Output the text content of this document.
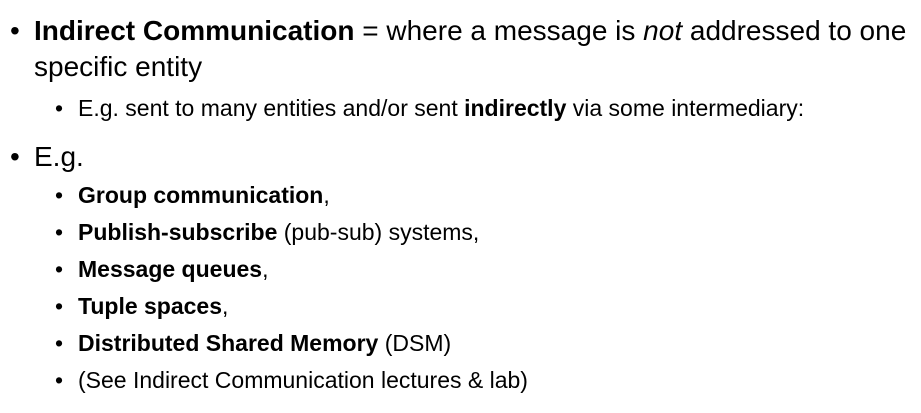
• Indirect Communication = where a message is not addressed to one specific entity
• E.g. sent to many entities and/or sent indirectly via some intermediary:
• E.g.
• Group communication,
• Publish-subscribe (pub-sub) systems,
• Message queues,
• Tuple spaces,
• Distributed Shared Memory (DSM)
• (See Indirect Communication lectures & lab)
